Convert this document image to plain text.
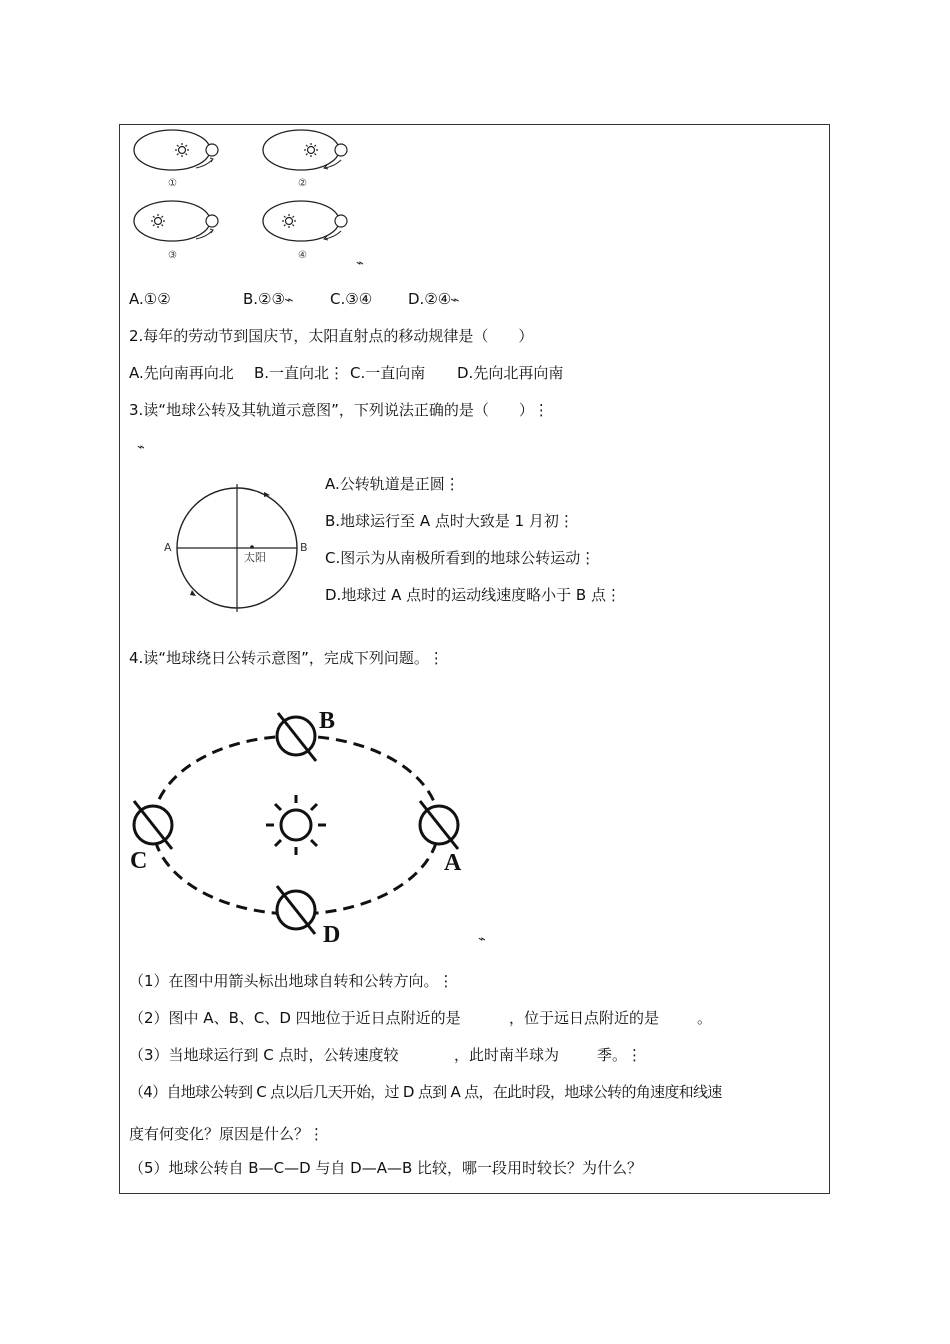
①	②
③	④
⌁
A.①②	B.②③⌁ C.③④ D.②④⌁
2.每年的劳动节到国庆节，太阳直射点的移动规律是（　　）
A.先向南再向北 B.一直向北⋮ C.一直向南 D.先向北再向南
3.读“地球公转及其轨道示意图”，下列说法正确的是（　　）⋮
⌁
A	B
太阳
A.公转轨道是正圆⋮
B.地球运行至 A 点时大致是 1 月初⋮
C.图示为从南极所看到的地球公转运动⋮
D.地球过 A 点时的运动线速度略小于 B 点⋮
4.读“地球绕日公转示意图”，完成下列问题。⋮
B
C	A
D	⌁
（1）在图中用箭头标出地球自转和公转方向。⋮
（2）图中 A、B、C、D 四地位于近日点附近的是	，位于远日点附近的是	。
（3）当地球运行到 C 点时，公转速度较	，此时南半球为	季。⋮
（4）自地球公转到 C 点以后几天开始，过 D 点到 A 点，在此时段，地球公转的角速度和线速
度有何变化？原因是什么？⋮
（5）地球公转自 B—C—D 与自 D—A—B 比较，哪一段用时较长？为什么？
